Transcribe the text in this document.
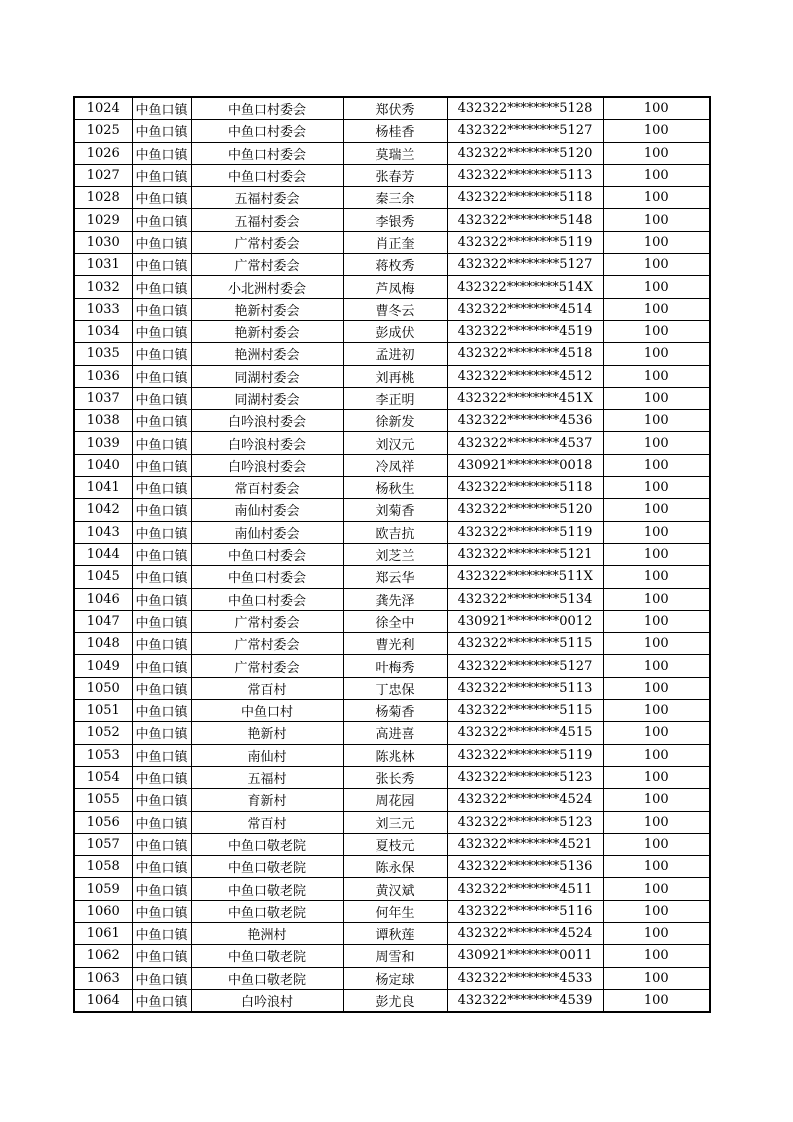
1024	中鱼口镇	中鱼口村委会	郑伏秀	432322********5128	100
1025	中鱼口镇	中鱼口村委会	杨桂香	432322********5127	100
1026	中鱼口镇	中鱼口村委会	莫瑞兰	432322********5120	100
1027	中鱼口镇	中鱼口村委会	张春芳	432322********5113	100
1028	中鱼口镇	五福村委会	秦三余	432322********5118	100
1029	中鱼口镇	五福村委会	李银秀	432322********5148	100
1030	中鱼口镇	广常村委会	肖正奎	432322********5119	100
1031	中鱼口镇	广常村委会	蒋枚秀	432322********5127	100
1032	中鱼口镇	小北洲村委会	芦凤梅	432322********514X	100
1033	中鱼口镇	艳新村委会	曹冬云	432322********4514	100
1034	中鱼口镇	艳新村委会	彭成伏	432322********4519	100
1035	中鱼口镇	艳洲村委会	孟进初	432322********4518	100
1036	中鱼口镇	同湖村委会	刘再桃	432322********4512	100
1037	中鱼口镇	同湖村委会	李正明	432322********451X	100
1038	中鱼口镇	白吟浪村委会	徐新发	432322********4536	100
1039	中鱼口镇	白吟浪村委会	刘汉元	432322********4537	100
1040	中鱼口镇	白吟浪村委会	冷凤祥	430921********0018	100
1041	中鱼口镇	常百村委会	杨秋生	432322********5118	100
1042	中鱼口镇	南仙村委会	刘菊香	432322********5120	100
1043	中鱼口镇	南仙村委会	欧吉抗	432322********5119	100
1044	中鱼口镇	中鱼口村委会	刘芝兰	432322********5121	100
1045	中鱼口镇	中鱼口村委会	郑云华	432322********511X	100
1046	中鱼口镇	中鱼口村委会	龚先泽	432322********5134	100
1047	中鱼口镇	广常村委会	徐全中	430921********0012	100
1048	中鱼口镇	广常村委会	曹光利	432322********5115	100
1049	中鱼口镇	广常村委会	叶梅秀	432322********5127	100
1050	中鱼口镇	常百村	丁忠保	432322********5113	100
1051	中鱼口镇	中鱼口村	杨菊香	432322********5115	100
1052	中鱼口镇	艳新村	高进喜	432322********4515	100
1053	中鱼口镇	南仙村	陈兆林	432322********5119	100
1054	中鱼口镇	五福村	张长秀	432322********5123	100
1055	中鱼口镇	育新村	周花园	432322********4524	100
1056	中鱼口镇	常百村	刘三元	432322********5123	100
1057	中鱼口镇	中鱼口敬老院	夏枝元	432322********4521	100
1058	中鱼口镇	中鱼口敬老院	陈永保	432322********5136	100
1059	中鱼口镇	中鱼口敬老院	黄汉斌	432322********4511	100
1060	中鱼口镇	中鱼口敬老院	何年生	432322********5116	100
1061	中鱼口镇	艳洲村	谭秋莲	432322********4524	100
1062	中鱼口镇	中鱼口敬老院	周雪和	430921********0011	100
1063	中鱼口镇	中鱼口敬老院	杨定球	432322********4533	100
1064	中鱼口镇	白吟浪村	彭尤良	432322********4539	100
